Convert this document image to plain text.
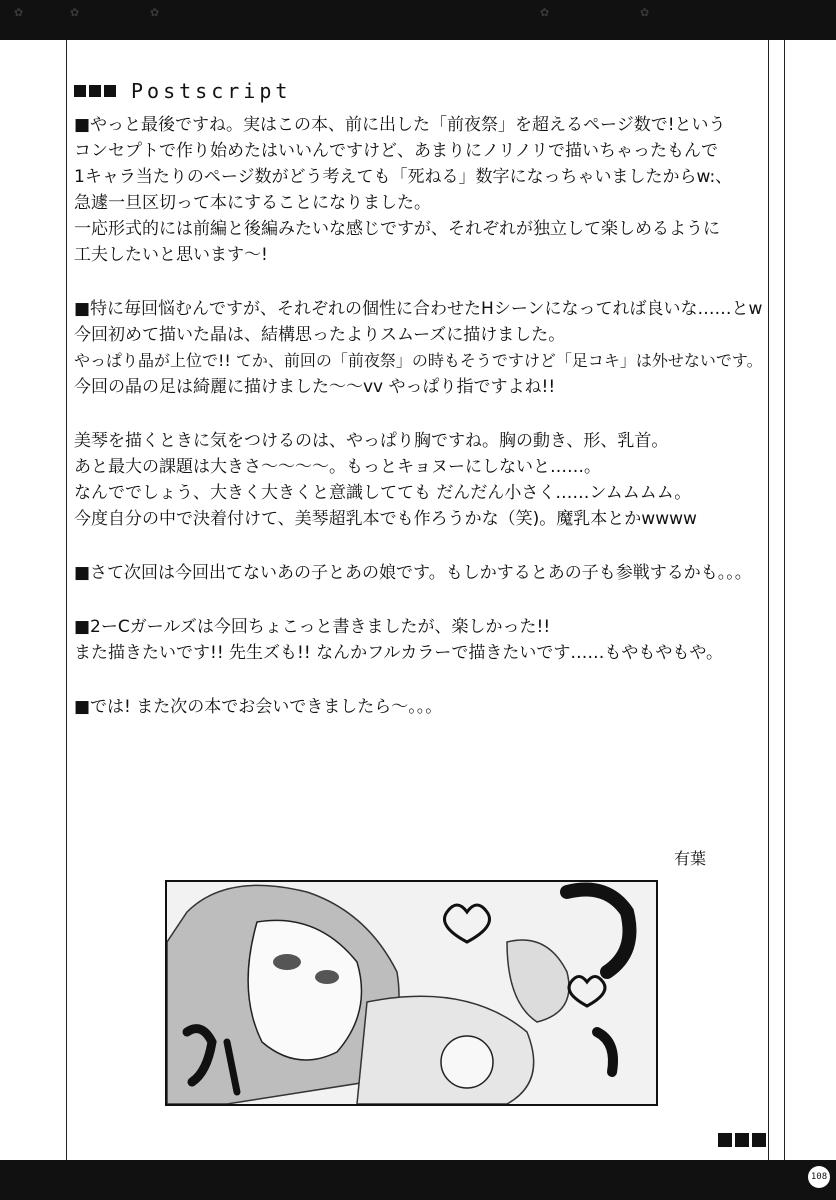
✿	✿	✿	✿	✿
Postscript
■やっと最後ですね。実はこの本、前に出した「前夜祭」を超えるページ数で!という
コンセプトで作り始めたはいいんですけど、あまりにノリノリで描いちゃったもんで
1キャラ当たりのページ数がどう考えても「死ねる」数字になっちゃいましたからw:、
急遽一旦区切って本にすることになりました。
一応形式的には前編と後編みたいな感じですが、それぞれが独立して楽しめるように
工夫したいと思います〜!
■特に毎回悩むんですが、それぞれの個性に合わせたHシーンになってれば良いな……とw
今回初めて描いた晶は、結構思ったよりスムーズに描けました。
やっぱり晶が上位で!! てか、前回の「前夜祭」の時もそうですけど「足コキ」は外せないです。
今回の晶の足は綺麗に描けました〜〜vv やっぱり指ですよね!!
美琴を描くときに気をつけるのは、やっぱり胸ですね。胸の動き、形、乳首。
あと最大の課題は大きさ〜〜〜〜。もっとキョヌーにしないと……。
なんででしょう、大きく大きくと意識してても だんだん小さく……ンムムムム。
今度自分の中で決着付けて、美琴超乳本でも作ろうかな（笑)。魔乳本とかwwww
■さて次回は今回出てないあの子とあの娘です。もしかするとあの子も参戦するかも。。。
■2ーCガールズは今回ちょこっと書きましたが、楽しかった!!
また描きたいです!! 先生ズも!! なんかフルカラーで描きたいです……もやもやもや。
■では! また次の本でお会いできましたら〜。。。
有葉
108
